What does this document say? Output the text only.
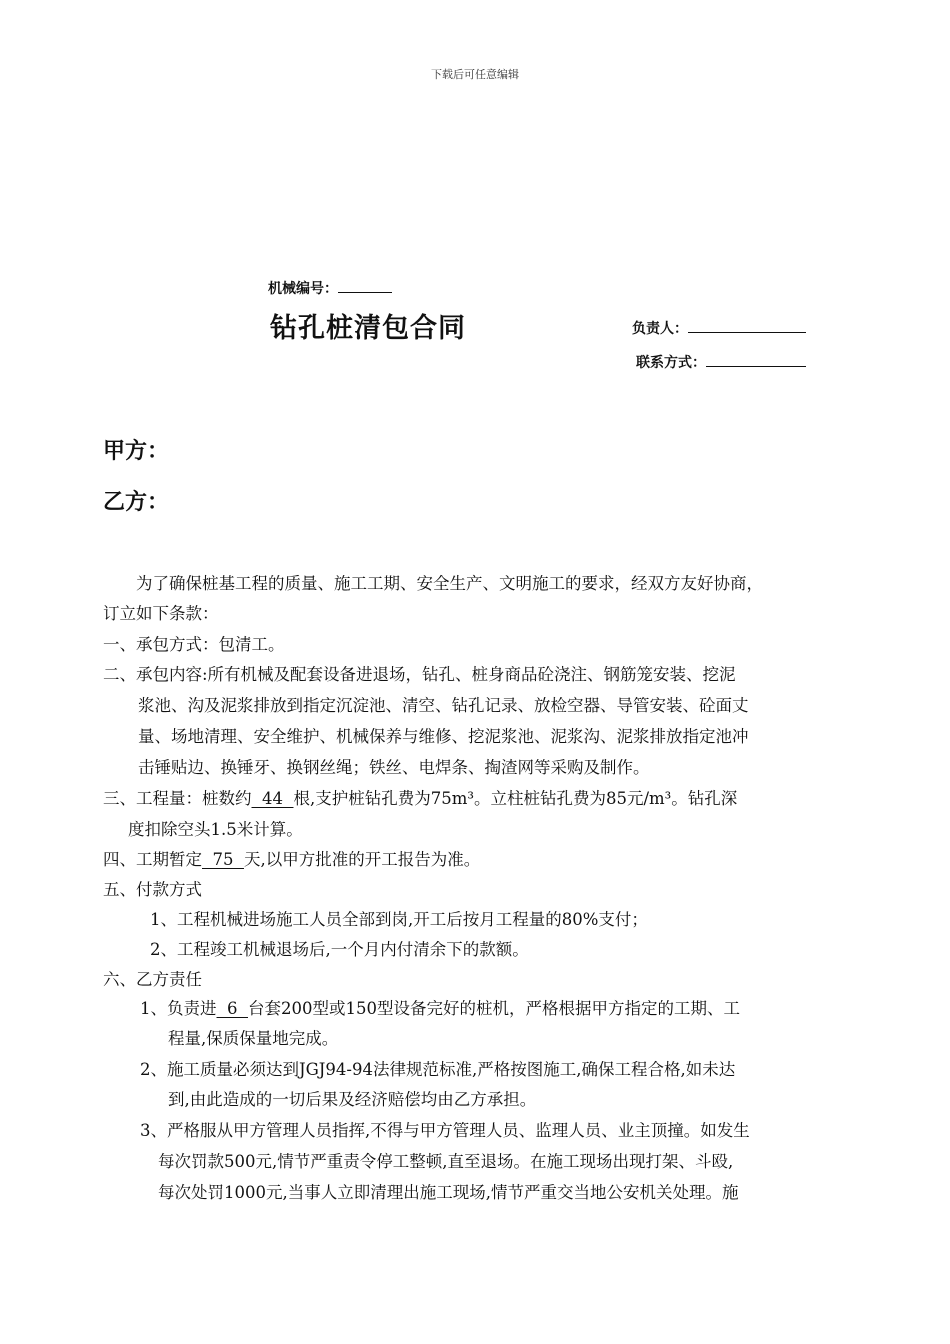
下载后可任意编辑
机械编号：
钻孔桩清包合同	负责人：
联系方式：
甲方：
乙方：
为了确保桩基工程的质量、施工工期、安全生产、文明施工的要求，经双方友好协商，
订立如下条款：
一、承包方式：包清工。
二、承包内容:所有机械及配套设备进退场，钻孔、桩身商品砼浇注、钢筋笼安装、挖泥
浆池、沟及泥浆排放到指定沉淀池、清空、钻孔记录、放检空器、导管安装、砼面丈
量、场地清理、安全维护、机械保养与维修、挖泥浆池、泥浆沟、泥浆排放指定池冲
击锤贴边、换锤牙、换钢丝绳；铁丝、电焊条、掏渣网等采购及制作。
三、工程量：桩数约  44  根,支护桩钻孔费为75m³。立柱桩钻孔费为85元/m³。钻孔深
度扣除空头1.5米计算。
四、工期暂定  75  天,以甲方批准的开工报告为准。
五、付款方式
1、工程机械进场施工人员全部到岗,开工后按月工程量的80%支付；
2、工程竣工机械退场后,一个月内付清余下的款额。
六、乙方责任
1、负责进  6  台套200型或150型设备完好的桩机，严格根据甲方指定的工期、工
程量,保质保量地完成。
2、施工质量必须达到JGJ94-94法律规范标准,严格按图施工,确保工程合格,如未达
到,由此造成的一切后果及经济赔偿均由乙方承担。
3、严格服从甲方管理人员指挥,不得与甲方管理人员、监理人员、业主顶撞。如发生
每次罚款500元,情节严重责令停工整顿,直至退场。在施工现场出现打架、斗殴,
每次处罚1000元,当事人立即清理出施工现场,情节严重交当地公安机关处理。施
